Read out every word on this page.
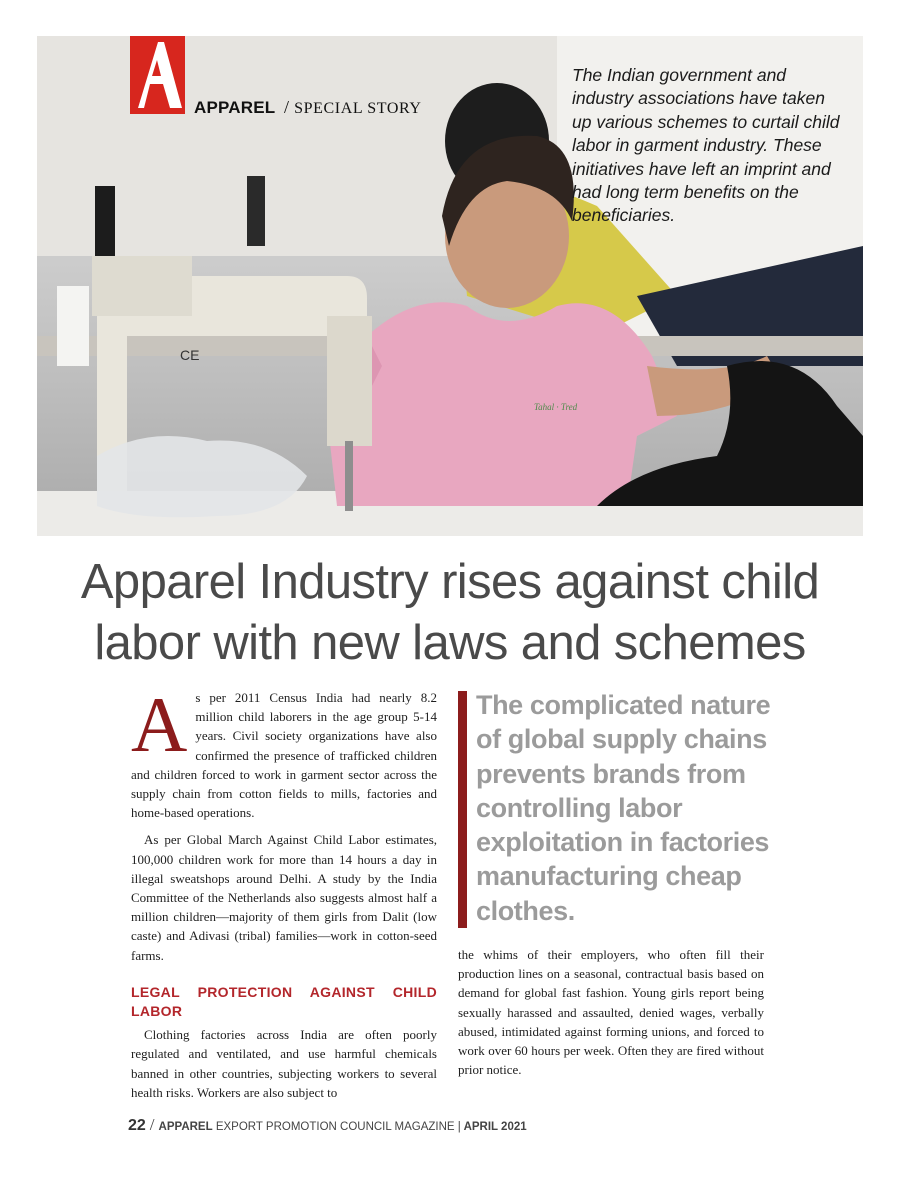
CE
Tahal · Tred
APPAREL / SPECIAL STORY
The Indian government and industry associations have taken up various schemes to curtail child labor in garment industry. These initiatives have left an imprint and had long term benefits on the beneficiaries.
Apparel Industry rises against child labor with new laws and schemes

As per 2011 Census India had nearly 8.2 million child laborers in the age group 5-14 years. Civil society organizations have also confirmed the presence of trafficked children and children forced to work in garment sector across the supply chain from cotton fields to mills, factories and home-based operations.

As per Global March Against Child Labor estimates, 100,000 children work for more than 14 hours a day in illegal sweatshops around Delhi. A study by the India Committee of the Netherlands also suggests almost half a million children—majority of them girls from Dalit (low caste) and Adivasi (tribal) families—work in cotton-seed farms.

LEGAL PROTECTION AGAINST CHILD LABOR

Clothing factories across India are often poorly regulated and ventilated, and use harmful chemicals banned in other countries, subjecting workers to several health risks. Workers are also subject to

The complicated nature of global supply chains prevents brands from controlling labor exploitation in factories manufacturing cheap clothes.

the whims of their employers, who often fill their production lines on a seasonal, contractual basis based on demand for global fast fashion. Young girls report being sexually harassed and assaulted, denied wages, verbally abused, intimidated against forming unions, and forced to work over 60 hours per week. Often they are fired without prior notice.

22 / APPAREL EXPORT PROMOTION COUNCIL MAGAZINE | APRIL 2021
